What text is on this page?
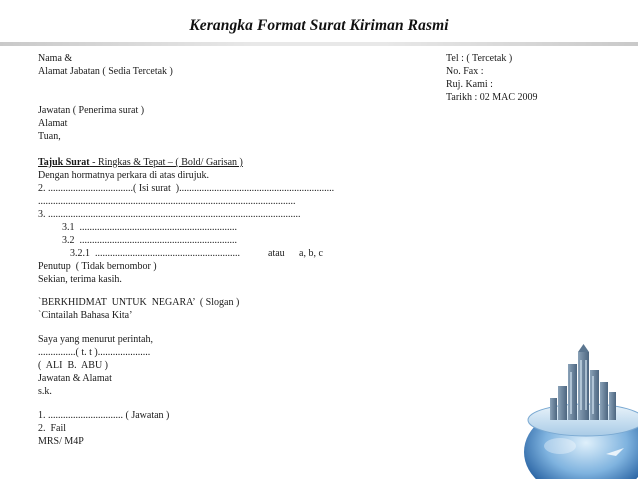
Kerangka Format Surat Kiriman Rasmi
Nama &
Alamat Jabatan ( Sedia Tercetak )
Tel : ( Tercetak )
No. Fax :
Ruj. Kami :
Tarikh : 02 MAC 2009
Jawatan ( Penerima surat )
Alamat
Tuan,
Tajuk Surat - Ringkas & Tepat – ( Bold/ Garisan )
Dengan hormatnya perkara di atas dirujuk.
2. ..................................( Isi surat  )..............................................................
.......................................................................................................
3. .....................................................................................................
3.1  ...............................................................
3.2  ...............................................................
3.2.1  ..........................................................	atau a, b, c
Penutup  ( Tidak bernombor )
Sekian, terima kasih.
`BERKHIDMAT  UNTUK  NEGARA’  ( Slogan )
`Cintailah Bahasa Kita’
Saya yang menurut perintah,
...............( t. t ).....................
(  ALI  B.  ABU )
Jawatan & Alamat
s.k.
1. .............................. ( Jawatan )
2.  Fail
MRS/ M4P
